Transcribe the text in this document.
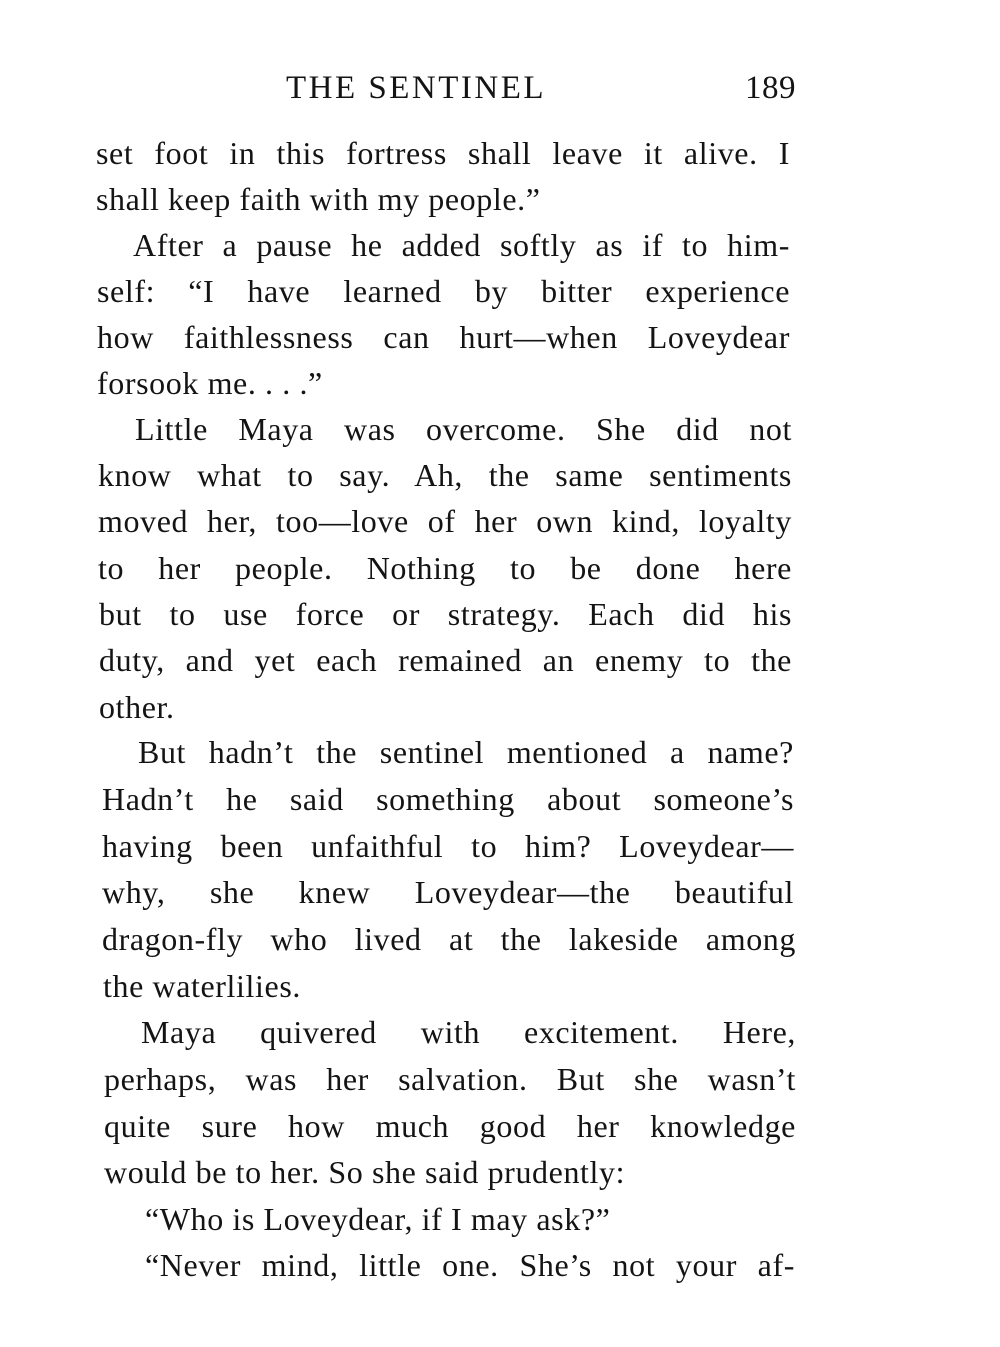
THE SENTINEL	189
set foot in this fortress shall leave it alive. I
shall keep faith with my people.”
After a pause he added softly as if to him-
self: “I have learned by bitter experience
how faithlessness can hurt—when Loveydear
forsook me. . . .”
Little Maya was overcome. She did not
know what to say. Ah, the same sentiments
moved her, too—love of her own kind, loyalty
to her people. Nothing to be done here
but to use force or strategy. Each did his
duty, and yet each remained an enemy to the
other.
But hadn’t the sentinel mentioned a name?
Hadn’t he said something about someone’s
having been unfaithful to him? Loveydear—
why, she knew Loveydear—the beautiful
dragon-fly who lived at the lakeside among
the waterlilies.
Maya quivered with excitement. Here,
perhaps, was her salvation. But she wasn’t
quite sure how much good her knowledge
would be to her. So she said prudently:
“Who is Loveydear, if I may ask?”
“Never mind, little one. She’s not your af-
